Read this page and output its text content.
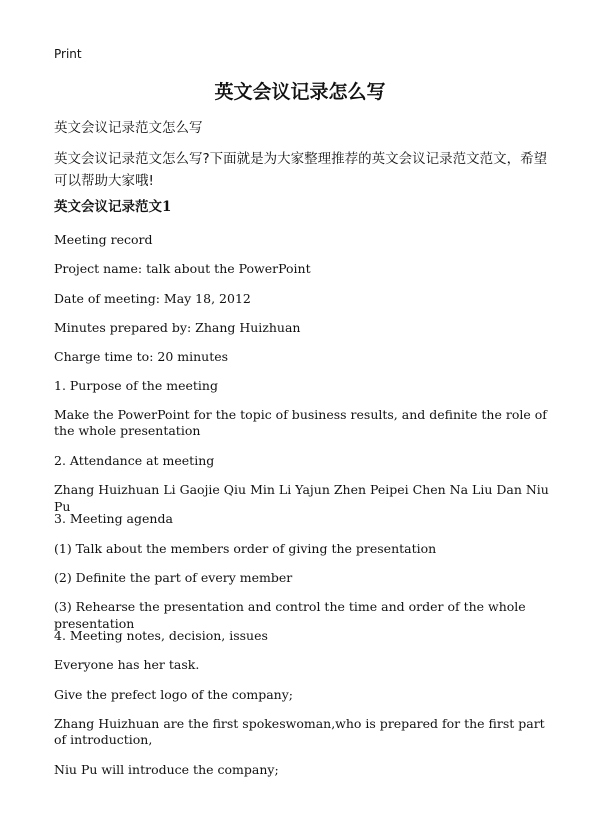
Print
英文会议记录怎么写
英文会议记录范文怎么写
英文会议记录范文怎么写?下面就是为大家整理推荐的英文会议记录范文范文，希望可以帮助大家哦!
英文会议记录范文1
Meeting record
Project name: talk about the PowerPoint
Date of meeting: May 18, 2012
Minutes prepared by: Zhang Huizhuan
Charge time to: 20 minutes
1. Purpose of the meeting
Make the PowerPoint for the topic of business results, and definite the role of the whole presentation
2. Attendance at meeting
Zhang Huizhuan Li Gaojie Qiu Min Li Yajun Zhen Peipei Chen Na Liu Dan Niu Pu
3. Meeting agenda
(1) Talk about the members order of giving the presentation
(2) Definite the part of every member
(3) Rehearse the presentation and control the time and order of the whole presentation
4. Meeting notes, decision, issues
Everyone has her task.
Give the prefect logo of the company;
Zhang Huizhuan are the first spokeswoman,who is prepared for the first part of introduction,
Niu Pu will introduce the company;
